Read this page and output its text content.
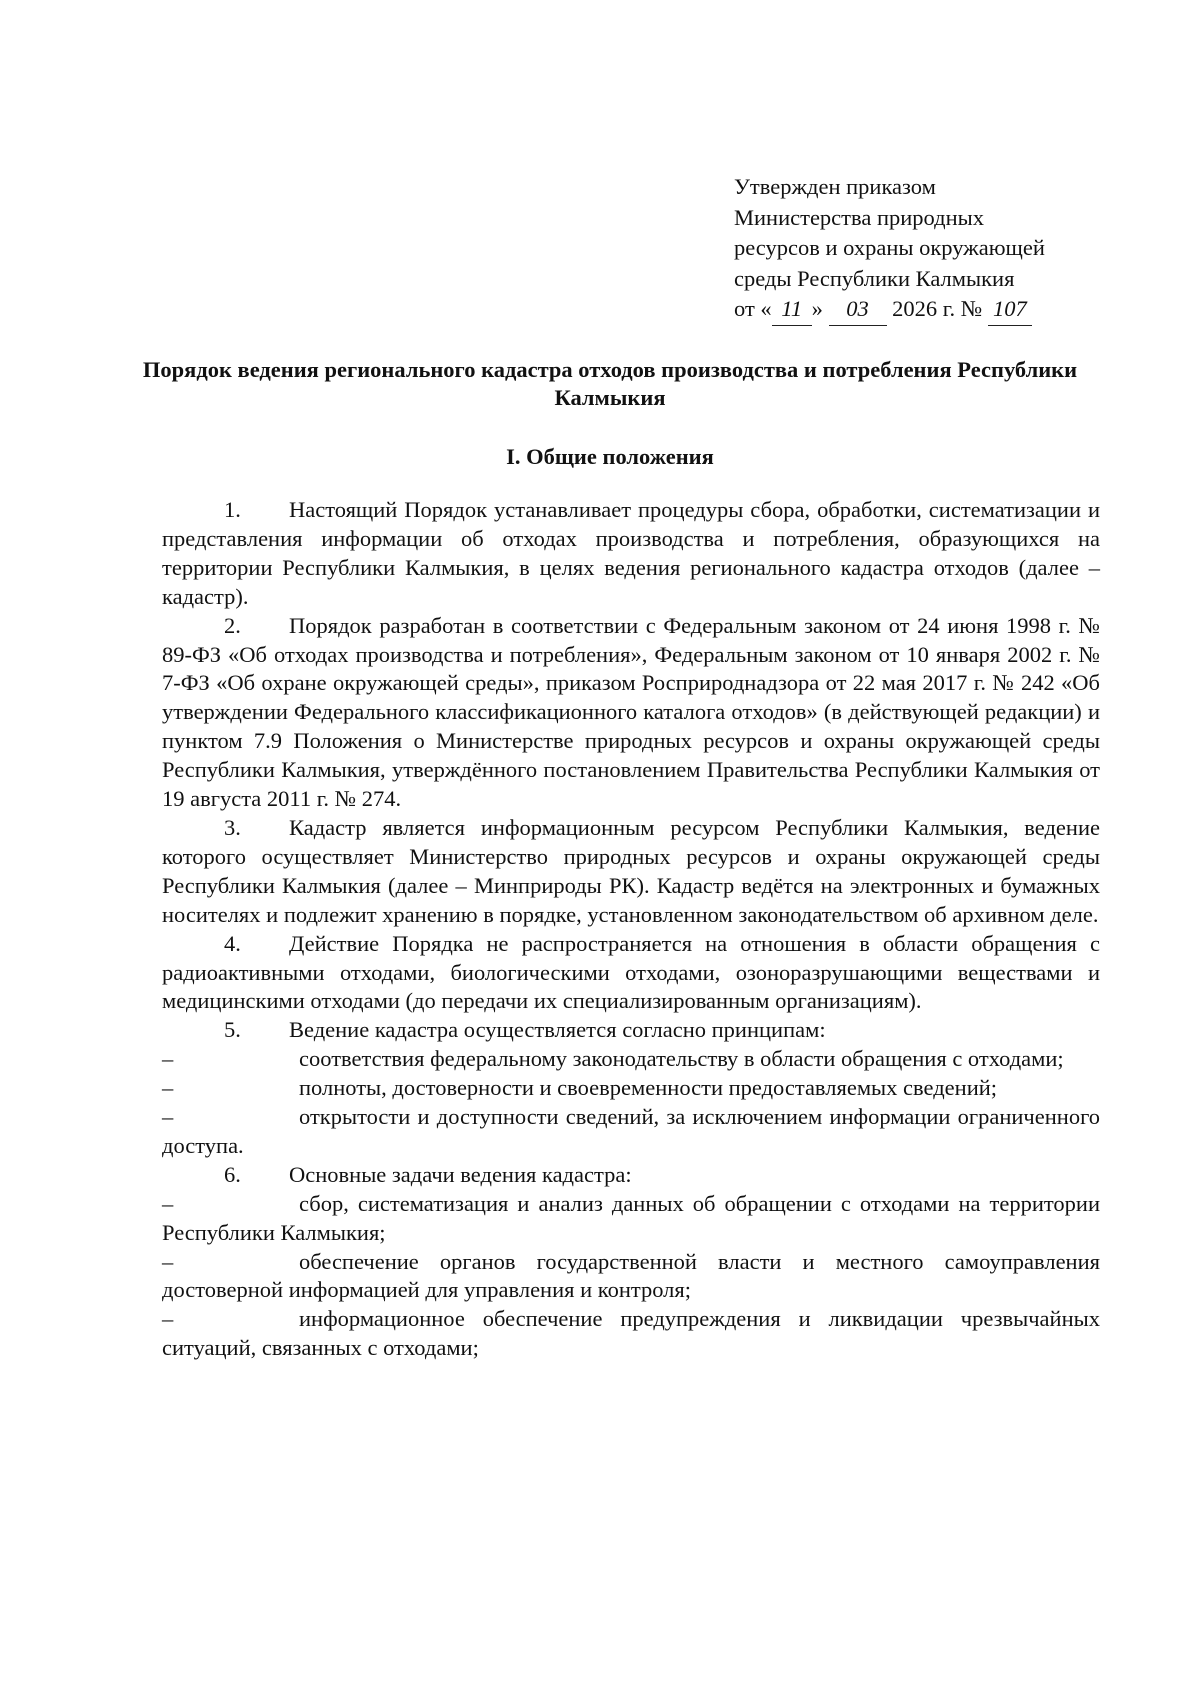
Утвержден приказом
Министерства природных
ресурсов и охраны окружающей
среды Республики Калмыкия
от « 11 » 03 2026 г. № 107
Порядок ведения регионального кадастра отходов производства и потребления Республики Калмыкия
I. Общие положения

1. Настоящий Порядок устанавливает процедуры сбора, обработки, систематизации и представления информации об отходах производства и потребления, образующихся на территории Республики Калмыкия, в целях ведения регионального кадастра отходов (далее – кадастр).

2. Порядок разработан в соответствии с Федеральным законом от 24 июня 1998 г. № 89-ФЗ «Об отходах производства и потребления», Федеральным законом от 10 января 2002 г. № 7-ФЗ «Об охране окружающей среды», приказом Росприроднадзора от 22 мая 2017 г. № 242 «Об утверждении Федерального классификационного каталога отходов» (в действующей редакции) и пунктом 7.9 Положения о Министерстве природных ресурсов и охраны окружающей среды Республики Калмыкия, утверждённого постановлением Правительства Республики Калмыкия от 19 августа 2011 г. № 274.

3. Кадастр является информационным ресурсом Республики Калмыкия, ведение которого осуществляет Министерство природных ресурсов и охраны окружающей среды Республики Калмыкия (далее – Минприроды РК). Кадастр ведётся на электронных и бумажных носителях и подлежит хранению в порядке, установленном законодательством об архивном деле.

4. Действие Порядка не распространяется на отношения в области обращения с радиоактивными отходами, биологическими отходами, озоноразрушающими веществами и медицинскими отходами (до передачи их специализированным организациям).

5. Ведение кадастра осуществляется согласно принципам:

–	соответствия федеральному законодательству в области обращения с отходами;

–	полноты, достоверности и своевременности предоставляемых сведений;

–	открытости и доступности сведений, за исключением информации ограниченного доступа.

6. Основные задачи ведения кадастра:

–	сбор, систематизация и анализ данных об обращении с отходами на территории Республики Калмыкия;

–	обеспечение органов государственной власти и местного самоуправления достоверной информацией для управления и контроля;

–	информационное обеспечение предупреждения и ликвидации чрезвычайных ситуаций, связанных с отходами;
